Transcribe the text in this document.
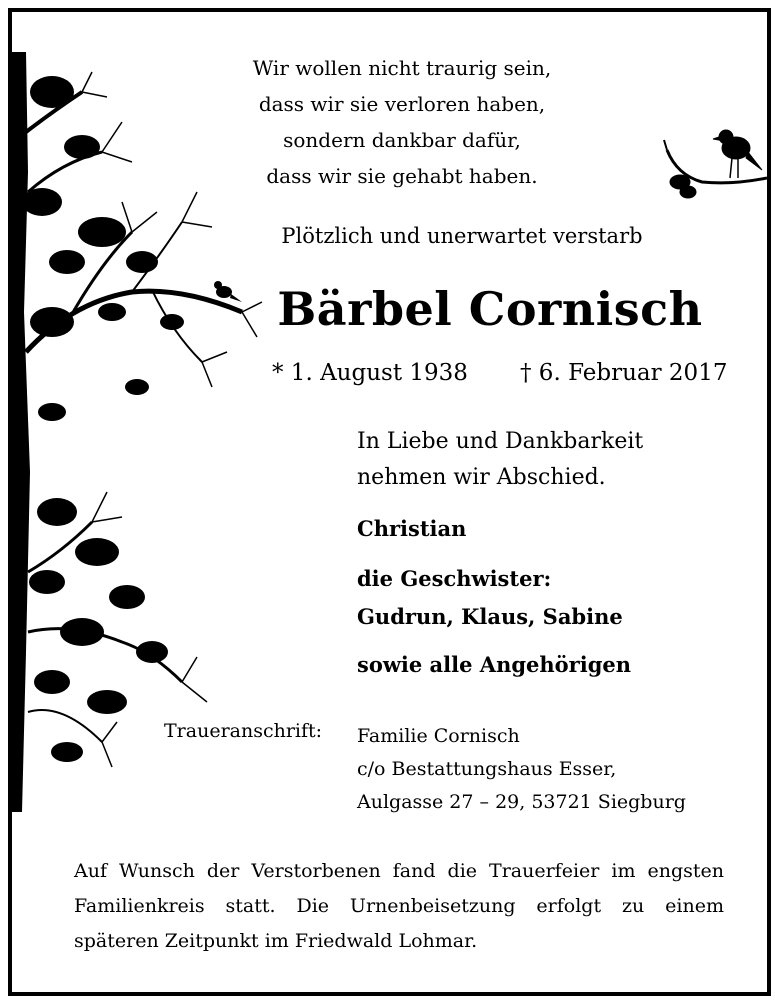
Wir wollen nicht traurig sein,
dass wir sie verloren haben,
sondern dankbar dafür,
dass wir sie gehabt haben.
Plötzlich und unerwartet verstarb
Bärbel Cornisch
* 1. August 1938 † 6. Februar 2017
In Liebe und Dankbarkeit
nehmen wir Abschied.
Christian
die Geschwister:
Gudrun, Klaus, Sabine
sowie alle Angehörigen
Traueranschrift: Familie Cornisch
c/o Bestattungshaus Esser,
Aulgasse 27 – 29, 53721 Siegburg
Auf Wunsch der Verstorbenen fand die Trauerfeier im engsten Familienkreis statt. Die Urnenbeisetzung erfolgt zu einem späteren Zeitpunkt im Friedwald Lohmar.
